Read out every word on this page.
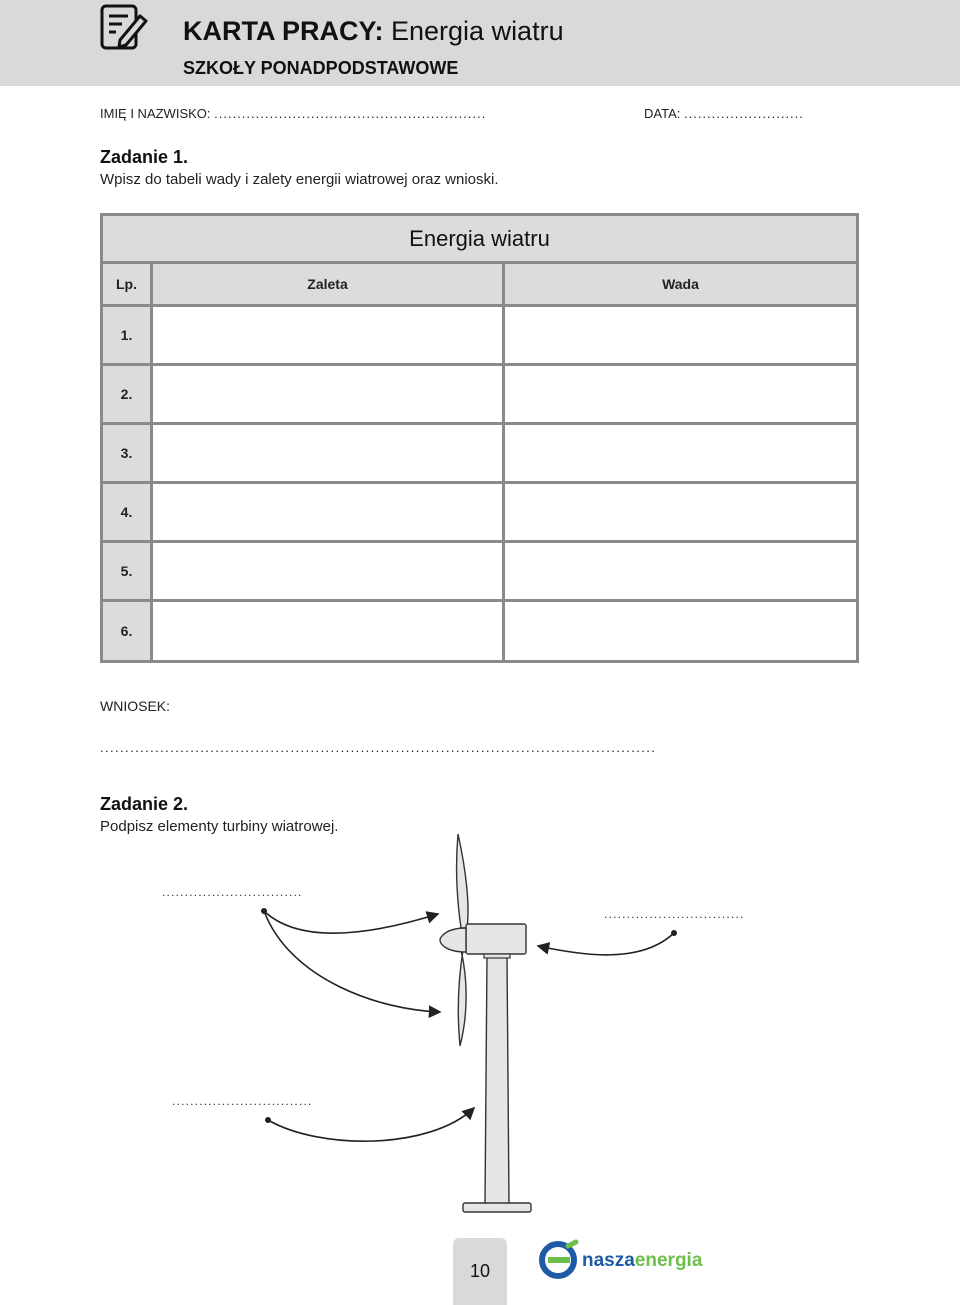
KARTA PRACY: Energia wiatru
SZKOŁY PONADPODSTAWOWE
IMIĘ I NAZWISKO: ...........................................................	DATA: ..........................
Zadanie 1.
Wpisz do tabeli wady i zalety energii wiatrowej oraz wnioski.
Energia wiatru
Lp.	Zaleta	Wada
1.
2.
3.
4.
5.
6.
WNIOSEK:
...............................................................................................................
Zadanie 2.
Podpisz elementy turbiny wiatrowej.
...............................
...............................
...............................
10	naszaenergia
